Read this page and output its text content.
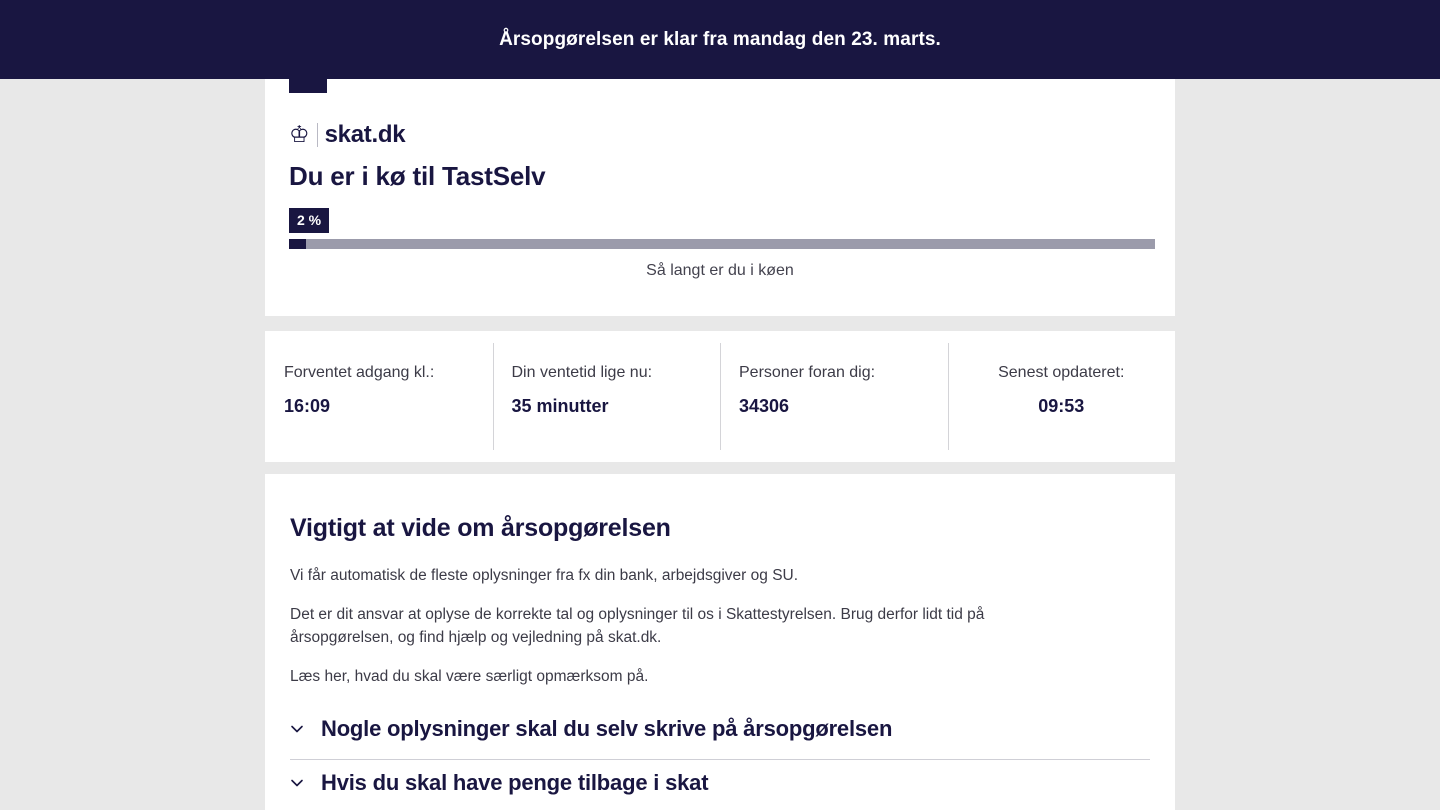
Årsopgørelsen er klar fra mandag den 23. marts.
♔ skat.dk
Du er i kø til TastSelv
2 %
Så langt er du i køen
Forventet adgang kl.:
16:09
Din ventetid lige nu:
35 minutter
Personer foran dig:
34306
Senest opdateret:
09:53
Vigtigt at vide om årsopgørelsen

Vi får automatisk de fleste oplysninger fra fx din bank, arbejdsgiver og SU.

Det er dit ansvar at oplyse de korrekte tal og oplysninger til os i Skattestyrelsen. Brug derfor lidt tid på årsopgørelsen, og find hjælp og vejledning på skat.dk.

Læs her, hvad du skal være særligt opmærksom på.

Nogle oplysninger skal du selv skrive på årsopgørelsen
Hvis du skal have penge tilbage i skat
